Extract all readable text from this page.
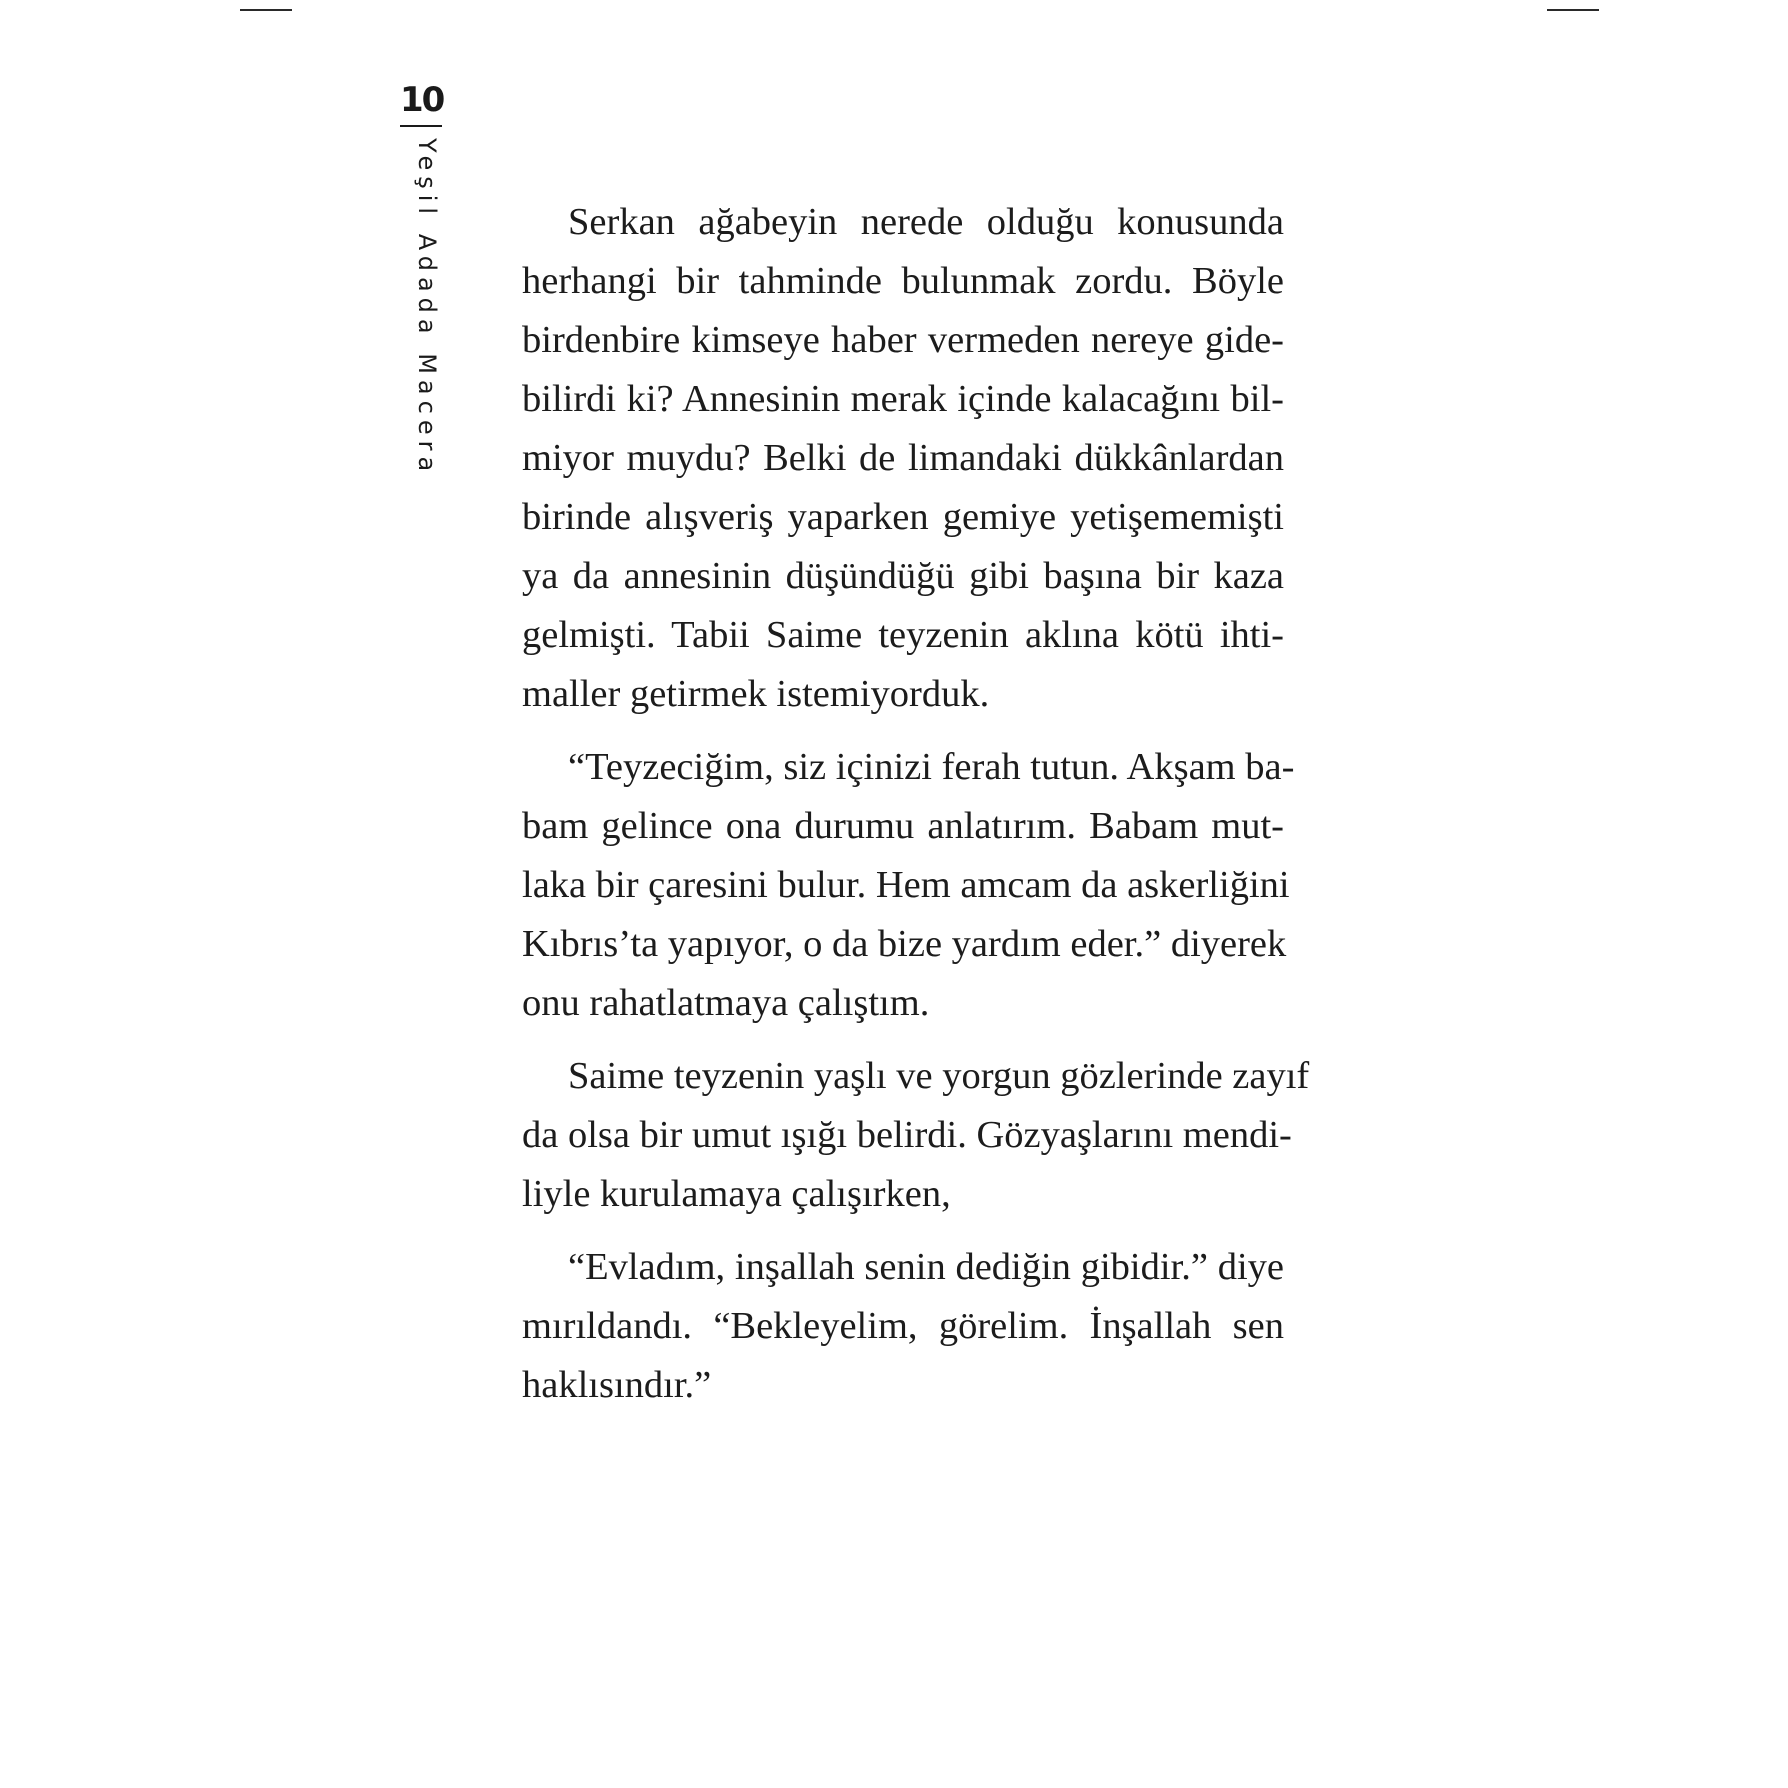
10
Yeşil Adada Macera	Serkan ağabeyin nerede olduğu konusunda
herhangi bir tahminde bulunmak zordu. Böyle
birdenbire kimseye haber vermeden nereye gide-
bilirdi ki? Annesinin merak içinde kalacağını bil-
miyor muydu? Belki de limandaki dükkânlardan
birinde alışveriş yaparken gemiye yetişememişti
ya da annesinin düşündüğü gibi başına bir kaza
gelmişti. Tabii Saime teyzenin aklına kötü ihti-
maller getirmek istemiyorduk.
“Teyzeciğim, siz içinizi ferah tutun. Akşam ba-
bam gelince ona durumu anlatırım. Babam mut-
laka bir çaresini bulur. Hem amcam da askerliğini
Kıbrıs’ta yapıyor, o da bize yardım eder.” diyerek
onu rahatlatmaya çalıştım.
Saime teyzenin yaşlı ve yorgun gözlerinde zayıf
da olsa bir umut ışığı belirdi. Gözyaşlarını mendi-
liyle kurulamaya çalışırken,
“Evladım, inşallah senin dediğin gibidir.” diye
mırıldandı. “Bekleyelim, görelim. İnşallah sen
haklısındır.”
